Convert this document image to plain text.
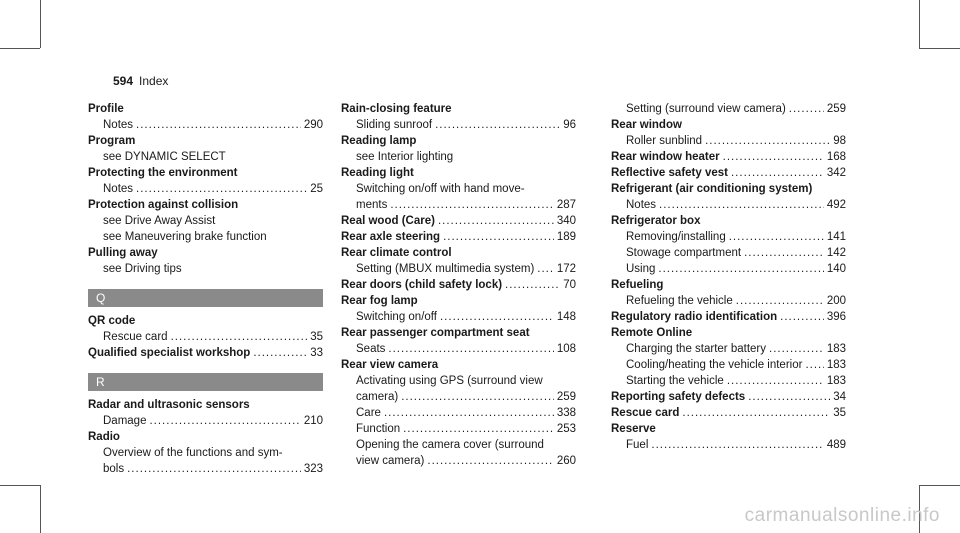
594 Index
Profile
Notes .....	290
Program
see DYNAMIC SELECT
Protecting the environment
Notes .....	25
Protection against collision
see Drive Away Assist
see Maneuvering brake function
Pulling away
see Driving tips
Q
QR code
Rescue card .....	35
Qualified specialist workshop .....	33
R
Radar and ultrasonic sensors
Damage .....	210
Radio
Overview of the functions and sym-
bols .....	323
Rain-closing feature
Sliding sunroof .....	96
Reading lamp
see Interior lighting
Reading light
Switching on/off with hand move-
ments .....	287
Real wood (Care) .....	340
Rear axle steering .....	189
Rear climate control
Setting (MBUX multimedia system) ..... 172
Rear doors (child safety lock) .....	70
Rear fog lamp
Switching on/off .....	148
Rear passenger compartment seat
Seats .....	108
Rear view camera
Activating using GPS (surround view
camera) .....	259
Care .....	338
Function .....	253
Opening the camera cover (surround
view camera) .....	260
Setting (surround view camera) .....	259
Rear window
Roller sunblind .....	98
Rear window heater .....	168
Reflective safety vest .....	342
Refrigerant (air conditioning system)
Notes .....	492
Refrigerator box
Removing/installing .....	141
Stowage compartment .....	142
Using .....	140
Refueling
Refueling the vehicle .....	200
Regulatory radio identification .....	396
Remote Online
Charging the starter battery .....	183
Cooling/heating the vehicle interior ..... 183
Starting the vehicle .....	183
Reporting safety defects .....	34
Rescue card .....	35
Reserve
Fuel .....	489
carmanualsonline.info
